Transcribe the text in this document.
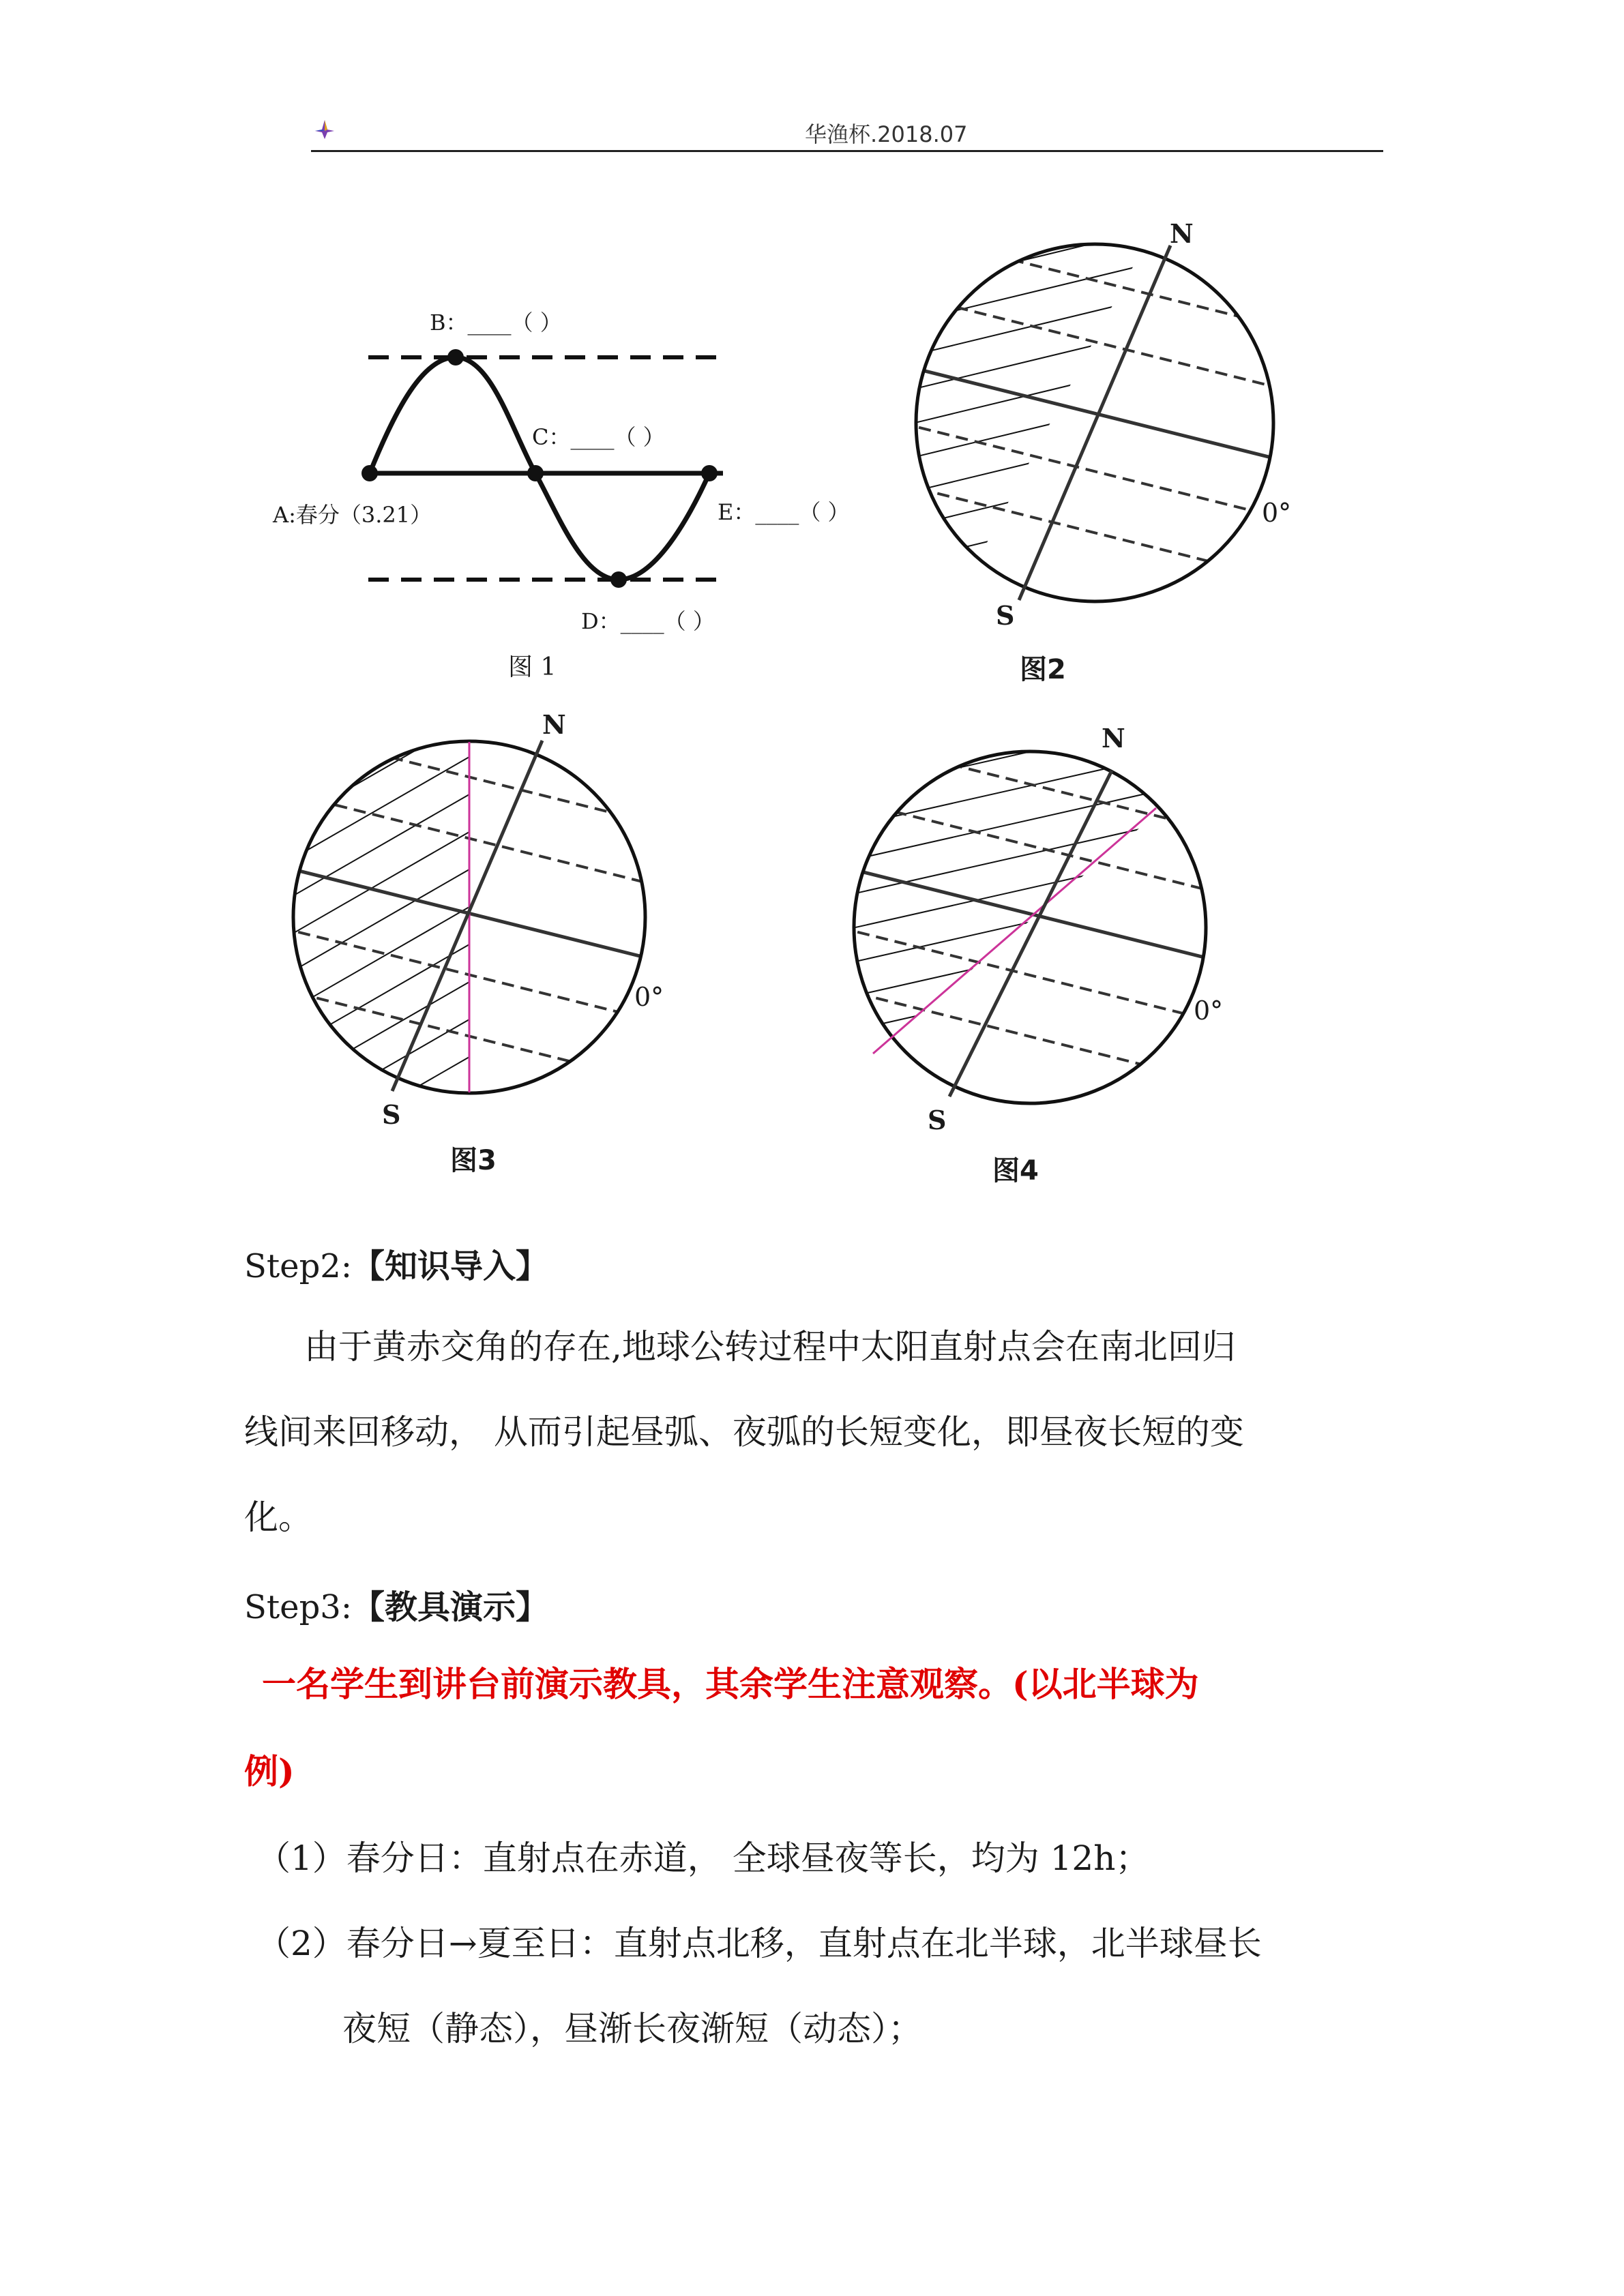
华渔杯.2018.07
B：____（ ）
C：____（ ）
A:春分（3.21）	E：____（ ）
D：____（ ）
图 1
N
S
0°
图2
N
S
0°
图3
N
S
0°
图4
Step2:【知识导入】
由于黄赤交角的存在,地球公转过程中太阳直射点会在南北回归
线间来回移动， 从而引起昼弧、夜弧的长短变化，即昼夜长短的变
化。
Step3:【教具演示】
一名学生到讲台前演示教具，其余学生注意观察。(以北半球为
例)
（1）春分日：直射点在赤道， 全球昼夜等长，均为 12h；
（2）春分日→夏至日：直射点北移，直射点在北半球，北半球昼长
夜短（静态），昼渐长夜渐短（动态）；
